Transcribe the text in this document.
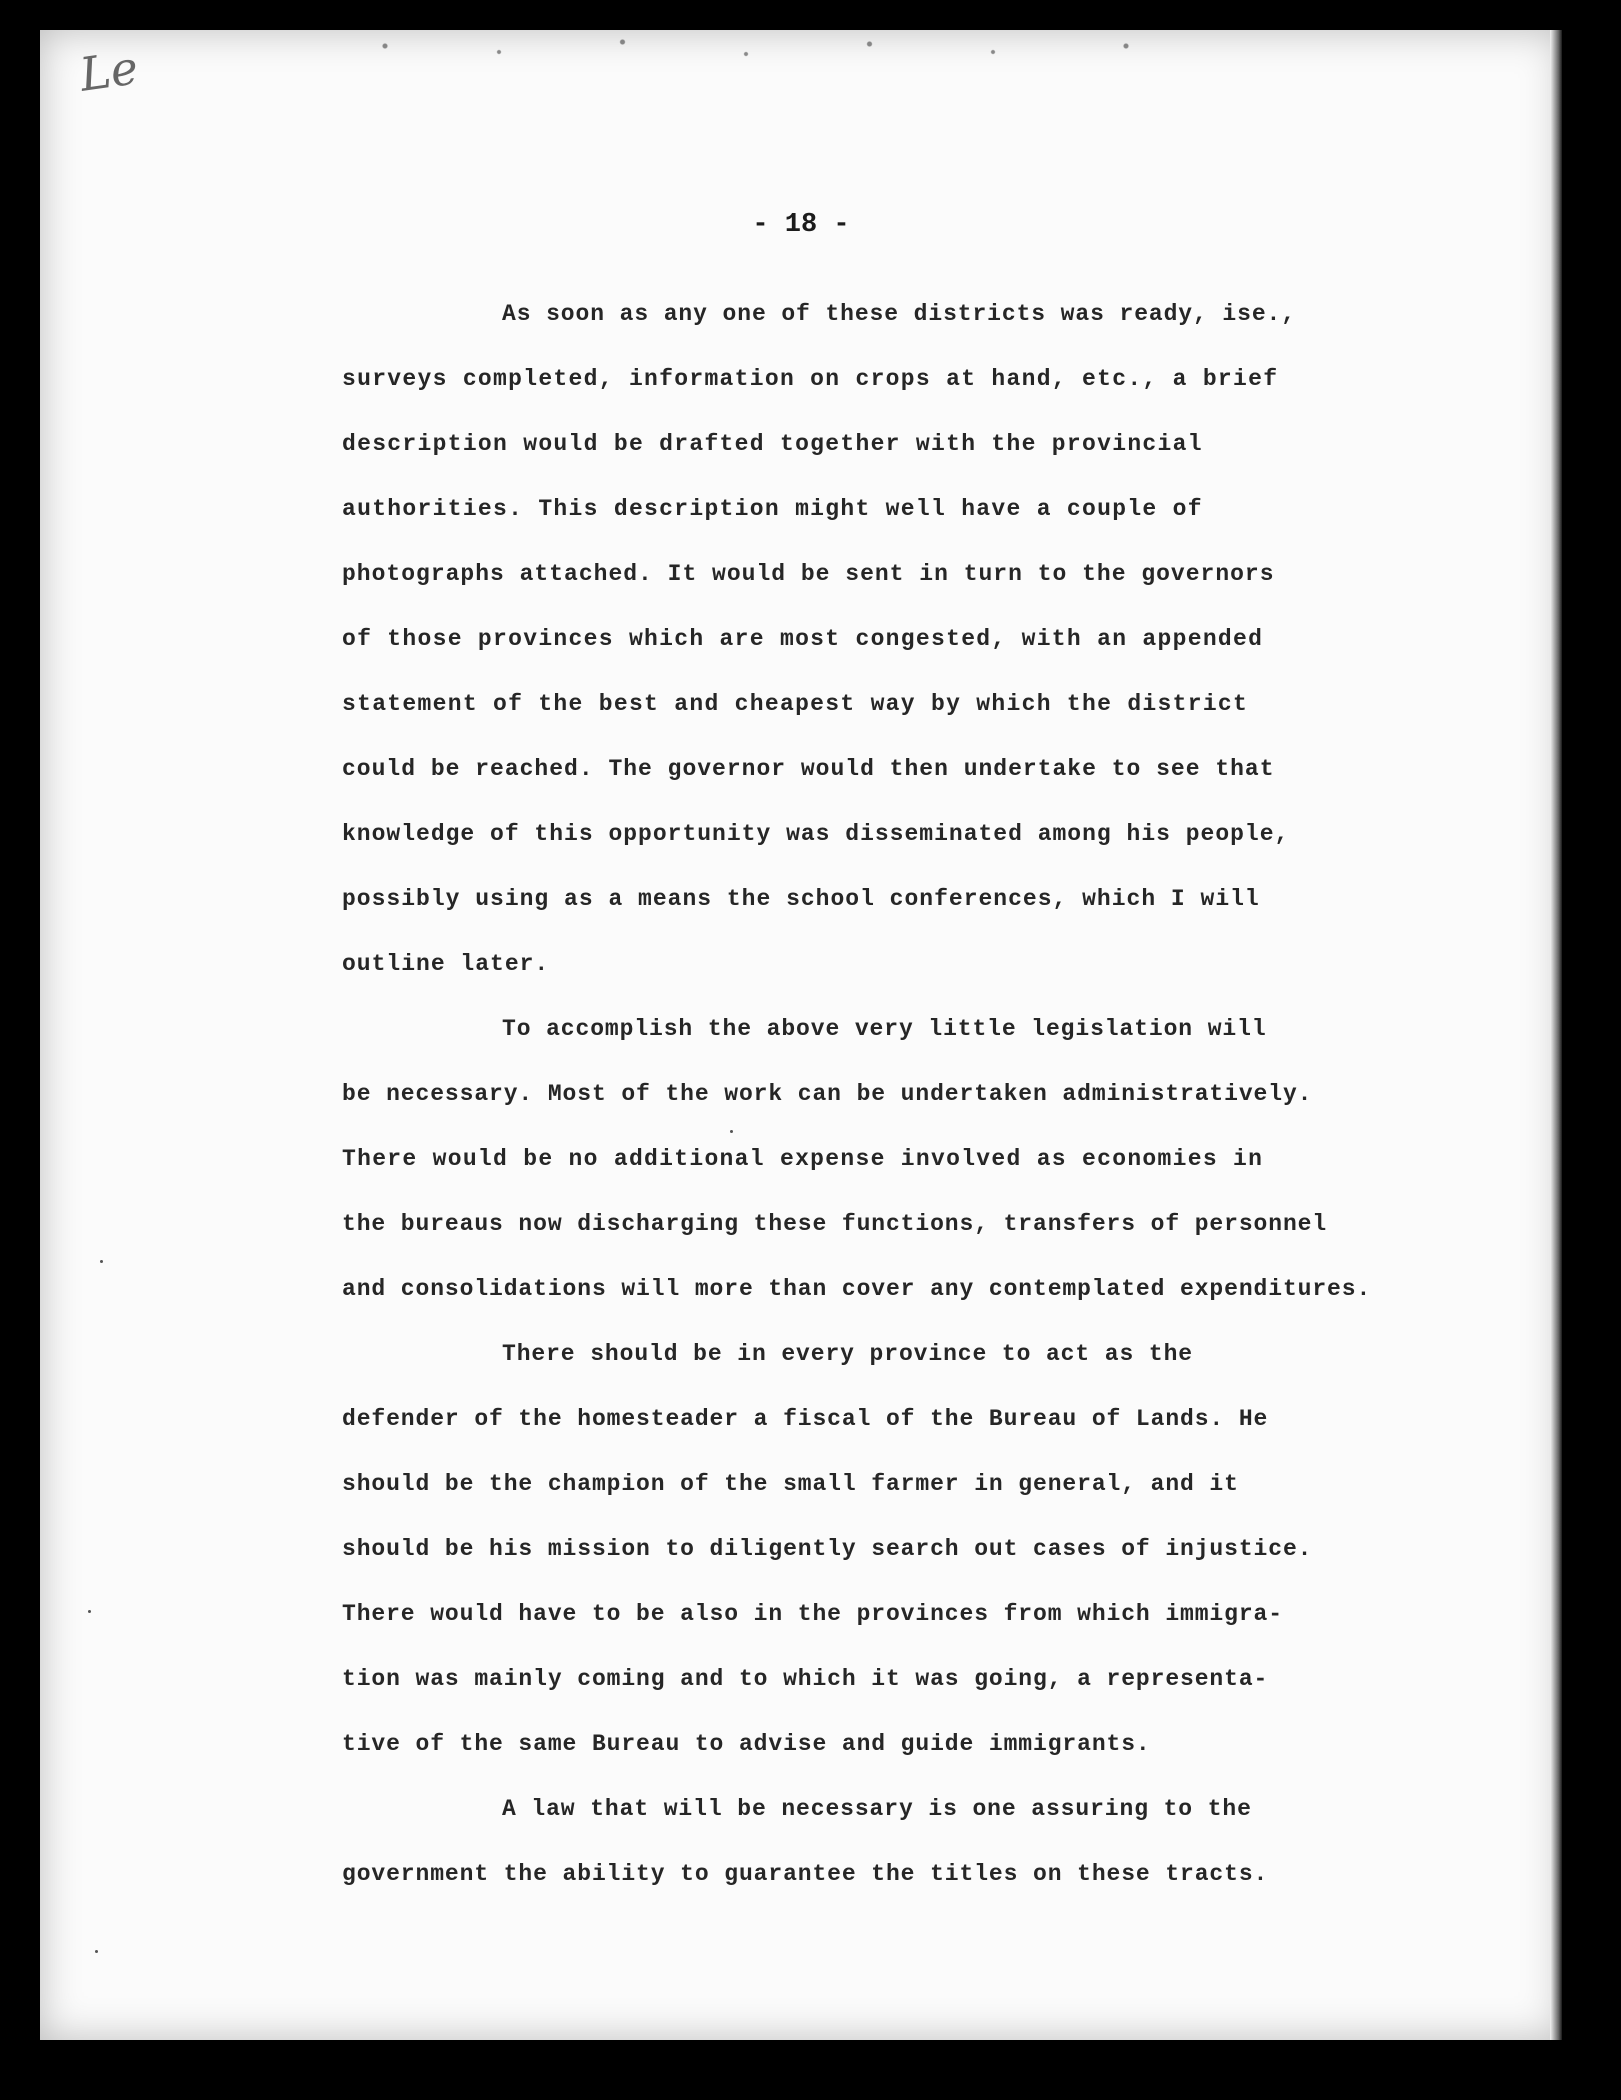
Le
- 18 -
As soon as any one of these districts was ready, ise.,
surveys completed, information on crops at hand, etc., a brief
description would be drafted together with the provincial
authorities. This description might well have a couple of
photographs attached. It would be sent in turn to the governors
of those provinces which are most congested, with an appended
statement of the best and cheapest way by which the district
could be reached. The governor would then undertake to see that
knowledge of this opportunity was disseminated among his people,
possibly using as a means the school conferences, which I will
outline later.
To accomplish the above very little legislation will
be necessary. Most of the work can be undertaken administratively.
There would be no additional expense involved as economies in
the bureaus now discharging these functions, transfers of personnel
and consolidations will more than cover any contemplated expenditures.
There should be in every province to act as the
defender of the homesteader a fiscal of the Bureau of Lands. He
should be the champion of the small farmer in general, and it
should be his mission to diligently search out cases of injustice.
There would have to be also in the provinces from which immigra-
tion was mainly coming and to which it was going, a representa-
tive of the same Bureau to advise and guide immigrants.
A law that will be necessary is one assuring to the
government the ability to guarantee the titles on these tracts.
